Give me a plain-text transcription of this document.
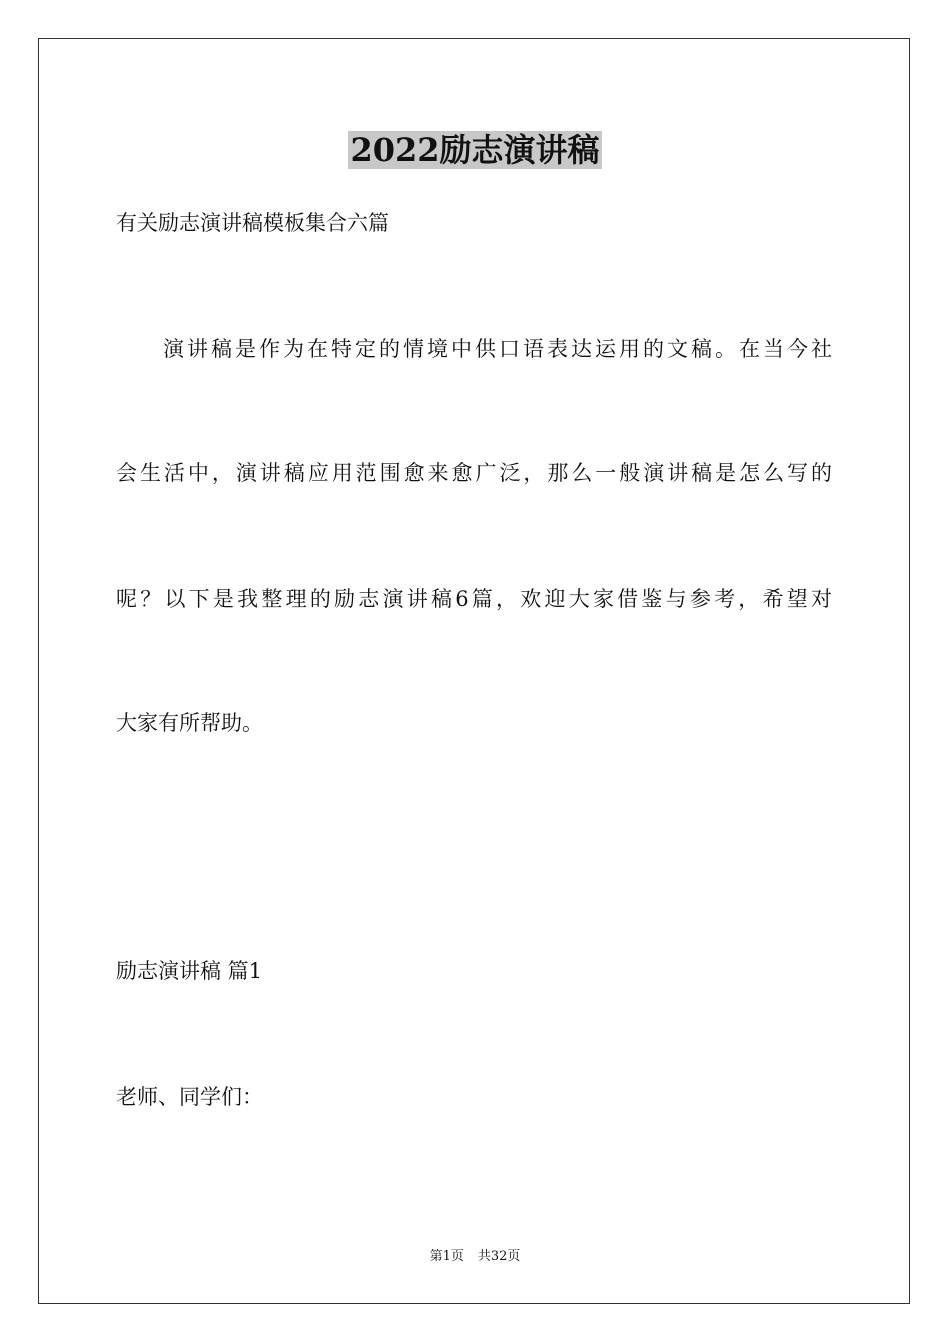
2022励志演讲稿

有关励志演讲稿模板集合六篇

演讲稿是作为在特定的情境中供口语表达运用的文稿。在当今社

会生活中，演讲稿应用范围愈来愈广泛，那么一般演讲稿是怎么写的

呢？以下是我整理的励志演讲稿6篇，欢迎大家借鉴与参考，希望对

大家有所帮助。

励志演讲稿 篇1

老师、同学们：

第1页 共32页
